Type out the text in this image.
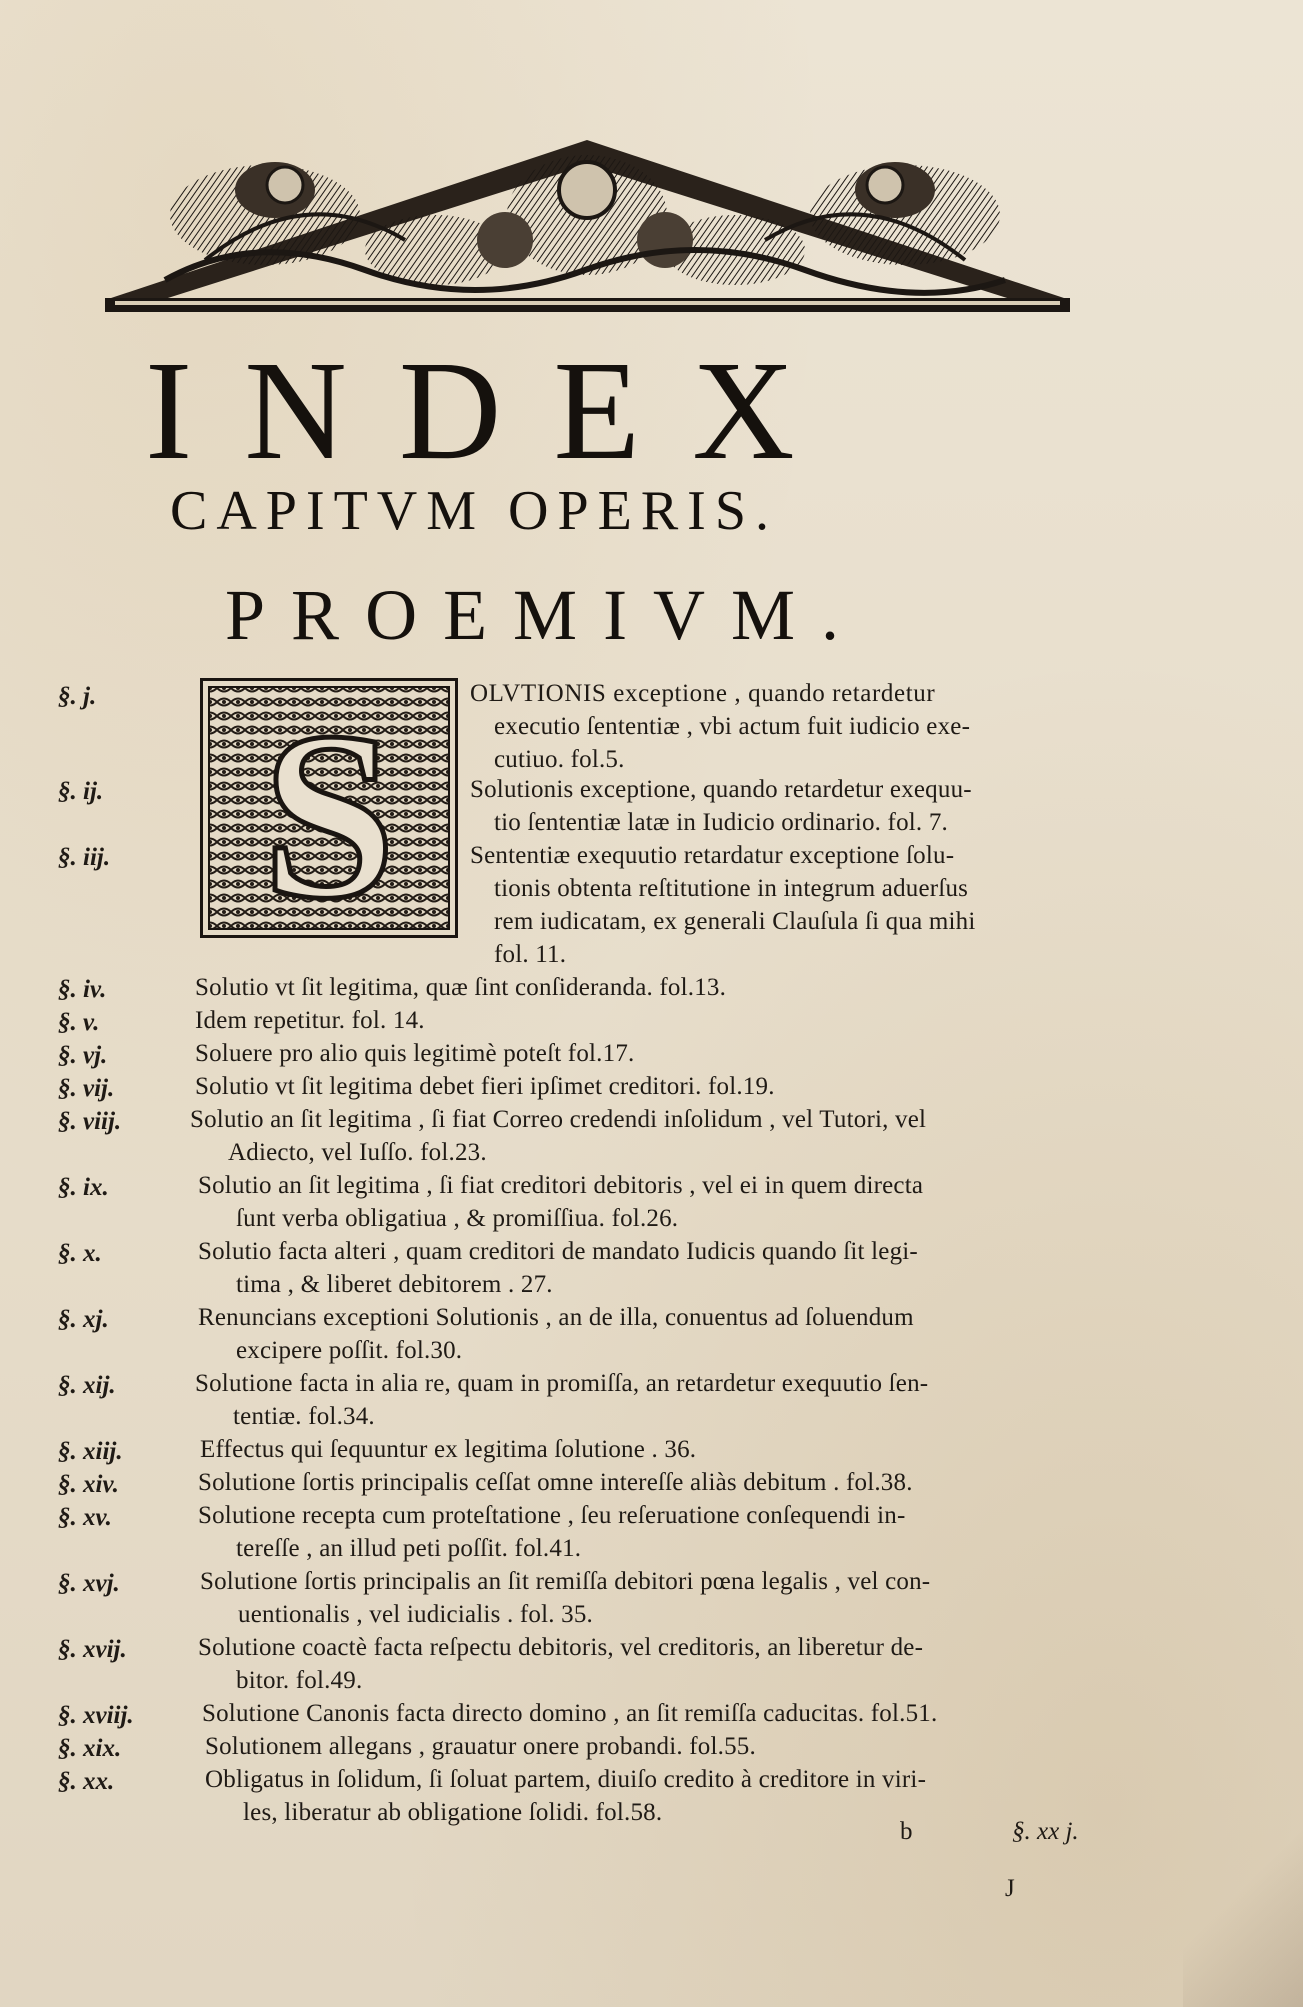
INDEX
CAPITVM OPERIS.
PROEMIVM.
S
§. j.
§. ij.
§. iij.
§. iv.
§. v.
§. vj.
§. vij.
§. viij.
§. ix.
§. x.
§. xj.
§. xij.
§. xiij.
§. xiv.
§. xv.
§. xvj.
§. xvij.
§. xviij.
§. xix.
§. xx.
OLVTIONIS exceptione , quando retardetur
executio ſententiæ , vbi actum fuit iudicio exe-
cutiuo. fol.5.
Solutionis exceptione, quando retardetur exequu-
tio ſententiæ latæ in Iudicio ordinario. fol. 7.
Sententiæ exequutio retardatur exceptione ſolu-
tionis obtenta reſtitutione in integrum aduerſus
rem iudicatam, ex generali Clauſula ſi qua mihi
fol. 11.
Solutio vt ſit legitima, quæ ſint conſideranda. fol.13.
Idem repetitur. fol. 14.
Soluere pro alio quis legitimè poteſt fol.17.
Solutio vt ſit legitima debet fieri ipſimet creditori. fol.19.
Solutio an ſit legitima , ſi fiat Correo credendi inſolidum , vel Tutori, vel
Adiecto, vel Iuſſo. fol.23.
Solutio an ſit legitima , ſi fiat creditori debitoris , vel ei in quem directa
ſunt verba obligatiua , & promiſſiua. fol.26.
Solutio facta alteri , quam creditori de mandato Iudicis quando ſit legi-
tima , & liberet debitorem . 27.
Renuncians exceptioni Solutionis , an de illa, conuentus ad ſoluendum
excipere poſſit. fol.30.
Solutione facta in alia re, quam in promiſſa, an retardetur exequutio ſen-
tentiæ. fol.34.
Effectus qui ſequuntur ex legitima ſolutione . 36.
Solutione ſortis principalis ceſſat omne intereſſe aliàs debitum . fol.38.
Solutione recepta cum proteſtatione , ſeu reſeruatione conſequendi in-
tereſſe , an illud peti poſſit. fol.41.
Solutione ſortis principalis an ſit remiſſa debitori pœna legalis , vel con-
uentionalis , vel iudicialis . fol. 35.
Solutione coactè facta reſpectu debitoris, vel creditoris, an liberetur de-
bitor. fol.49.
Solutione Canonis facta directo domino , an ſit remiſſa caducitas. fol.51.
Solutionem allegans , grauatur onere probandi. fol.55.
Obligatus in ſolidum, ſi ſoluat partem, diuiſo credito à creditore in viri-
les, liberatur ab obligatione ſolidi. fol.58.
b	§. xx j.
J
